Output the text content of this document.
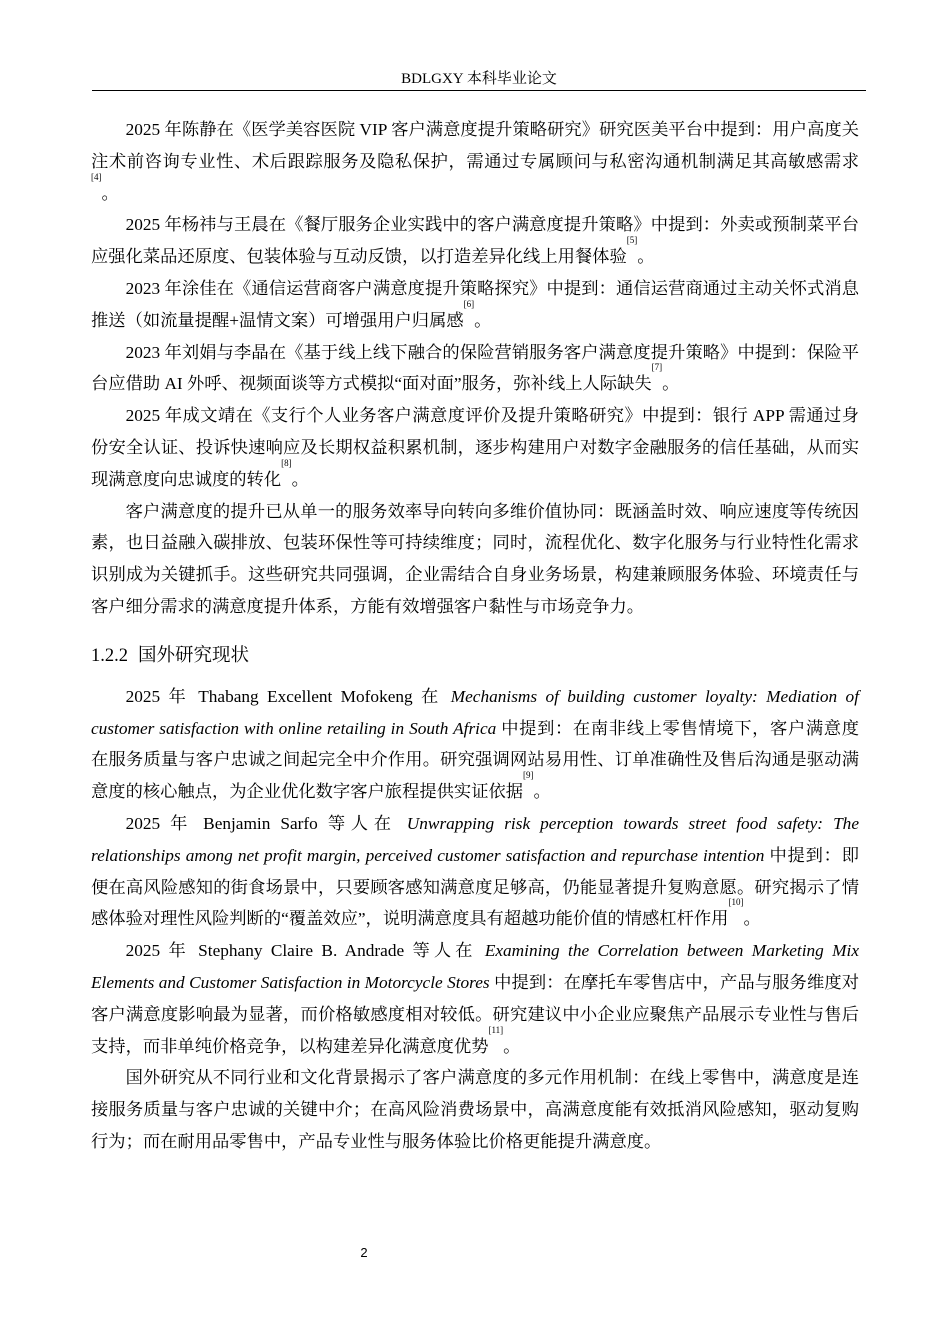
BDLGXY 本科毕业论文

2025 年陈静在《医学美容医院 VIP 客户满意度提升策略研究》研究医美平台中提到：用户高度关注术前咨询专业性、术后跟踪服务及隐私保护，需通过专属顾问与私密沟通机制满足其高敏感需求[4]。

2025 年杨祎与王晨在《餐厅服务企业实践中的客户满意度提升策略》中提到：外卖或预制菜平台应强化菜品还原度、包装体验与互动反馈，以打造差异化线上用餐体验[5]。

2023 年涂佳在《通信运营商客户满意度提升策略探究》中提到：通信运营商通过主动关怀式消息推送（如流量提醒+温情文案）可增强用户归属感[6]。

2023 年刘娟与李晶在《基于线上线下融合的保险营销服务客户满意度提升策略》中提到：保险平台应借助 AI 外呼、视频面谈等方式模拟“面对面”服务，弥补线上人际缺失[7]。

2025 年成文靖在《支行个人业务客户满意度评价及提升策略研究》中提到：银行 APP 需通过身份安全认证、投诉快速响应及长期权益积累机制，逐步构建用户对数字金融服务的信任基础，从而实现满意度向忠诚度的转化[8]。

客户满意度的提升已从单一的服务效率导向转向多维价值协同：既涵盖时效、响应速度等传统因素，也日益融入碳排放、包装环保性等可持续维度；同时，流程优化、数字化服务与行业特性化需求识别成为关键抓手。这些研究共同强调，企业需结合自身业务场景，构建兼顾服务体验、环境责任与客户细分需求的满意度提升体系，方能有效增强客户黏性与市场竞争力。

1.2.2 国外研究现状

2025 年 Thabang Excellent Mofokeng 在 Mechanisms of building customer loyalty: Mediation of customer satisfaction with online retailing in South Africa 中提到：在南非线上零售情境下，客户满意度在服务质量与客户忠诚之间起完全中介作用。研究强调网站易用性、订单准确性及售后沟通是驱动满意度的核心触点，为企业优化数字客户旅程提供实证依据[9]。

2025 年 Benjamin Sarfo 等人在 Unwrapping risk perception towards street food safety: The relationships among net profit margin, perceived customer satisfaction and repurchase intention 中提到：即便在高风险感知的街食场景中，只要顾客感知满意度足够高，仍能显著提升复购意愿。研究揭示了情感体验对理性风险判断的“覆盖效应”，说明满意度具有超越功能价值的情感杠杆作用[10]。

2025 年 Stephany Claire B. Andrade 等人在 Examining the Correlation between Marketing Mix Elements and Customer Satisfaction in Motorcycle Stores 中提到：在摩托车零售店中，产品与服务维度对客户满意度影响最为显著，而价格敏感度相对较低。研究建议中小企业应聚焦产品展示专业性与售后支持，而非单纯价格竞争，以构建差异化满意度优势[11]。

国外研究从不同行业和文化背景揭示了客户满意度的多元作用机制：在线上零售中，满意度是连接服务质量与客户忠诚的关键中介；在高风险消费场景中，高满意度能有效抵消风险感知，驱动复购行为；而在耐用品零售中，产品专业性与服务体验比价格更能提升满意度。

2
